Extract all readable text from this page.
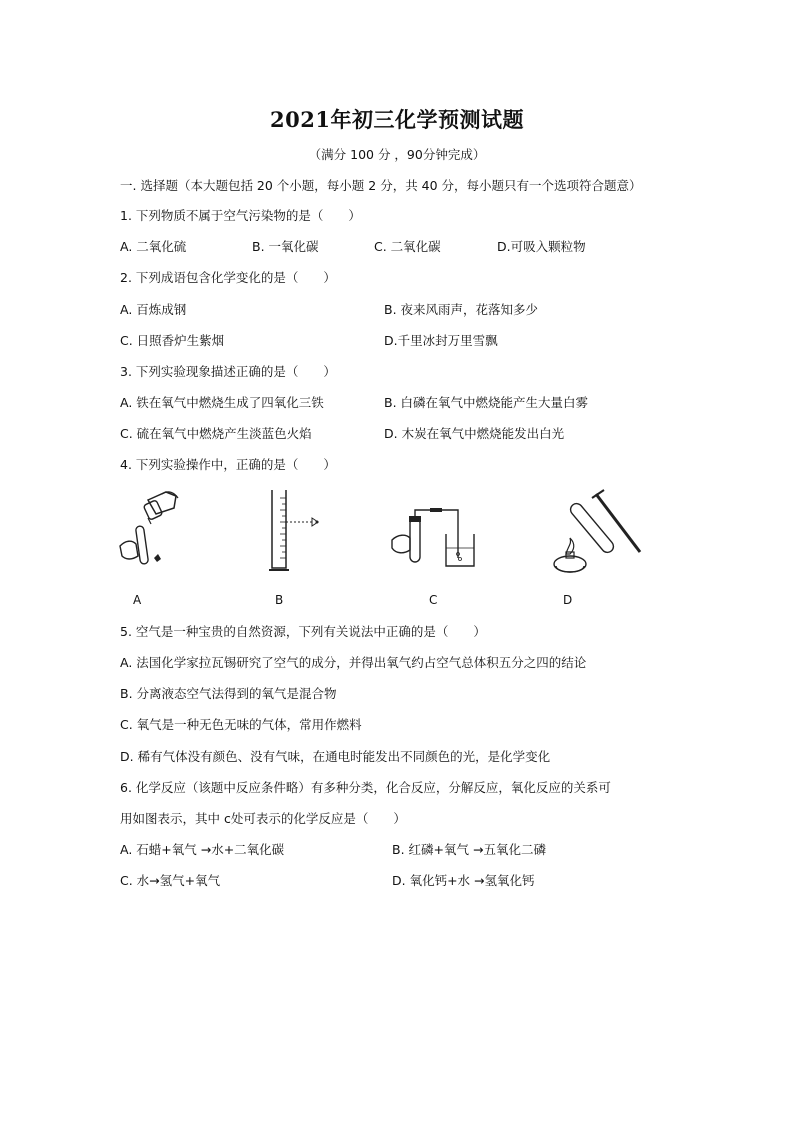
2021年初三化学预测试题
（满分 100 分 ，90分钟完成）
一. 选择题（本大题包括 20 个小题，每小题 2 分，共 40 分，每小题只有一个选项符合题意）
1. 下列物质不属于空气污染物的是（　　）
A. 二氧化硫	B. 一氧化碳	C. 二氧化碳	D.可吸入颗粒物
2. 下列成语包含化学变化的是（　　）
A. 百炼成钢	B. 夜来风雨声，花落知多少
C. 日照香炉生紫烟	D.千里冰封万里雪飘
3. 下列实验现象描述正确的是（　　）
A. 铁在氧气中燃烧生成了四氧化三铁	B. 白磷在氧气中燃烧能产生大量白雾
C. 硫在氧气中燃烧产生淡蓝色火焰	D. 木炭在氧气中燃烧能发出白光
4. 下列实验操作中，正确的是（　　）
A	B	C	D
5. 空气是一种宝贵的自然资源，下列有关说法中正确的是（　　）
A. 法国化学家拉瓦锡研究了空气的成分，并得出氧气约占空气总体积五分之四的结论
B. 分离液态空气法得到的氧气是混合物
C. 氧气是一种无色无味的气体，常用作燃料
D. 稀有气体没有颜色、没有气味，在通电时能发出不同颜色的光，是化学变化
6. 化学反应（该题中反应条件略）有多种分类，化合反应，分解反应，氧化反应的关系可
用如图表示，其中 c处可表示的化学反应是（　　）
A. 石蜡+氧气 →水+二氧化碳	B. 红磷+氧气 →五氧化二磷
C. 水→氢气+氧气	D. 氧化钙+水 →氢氧化钙
